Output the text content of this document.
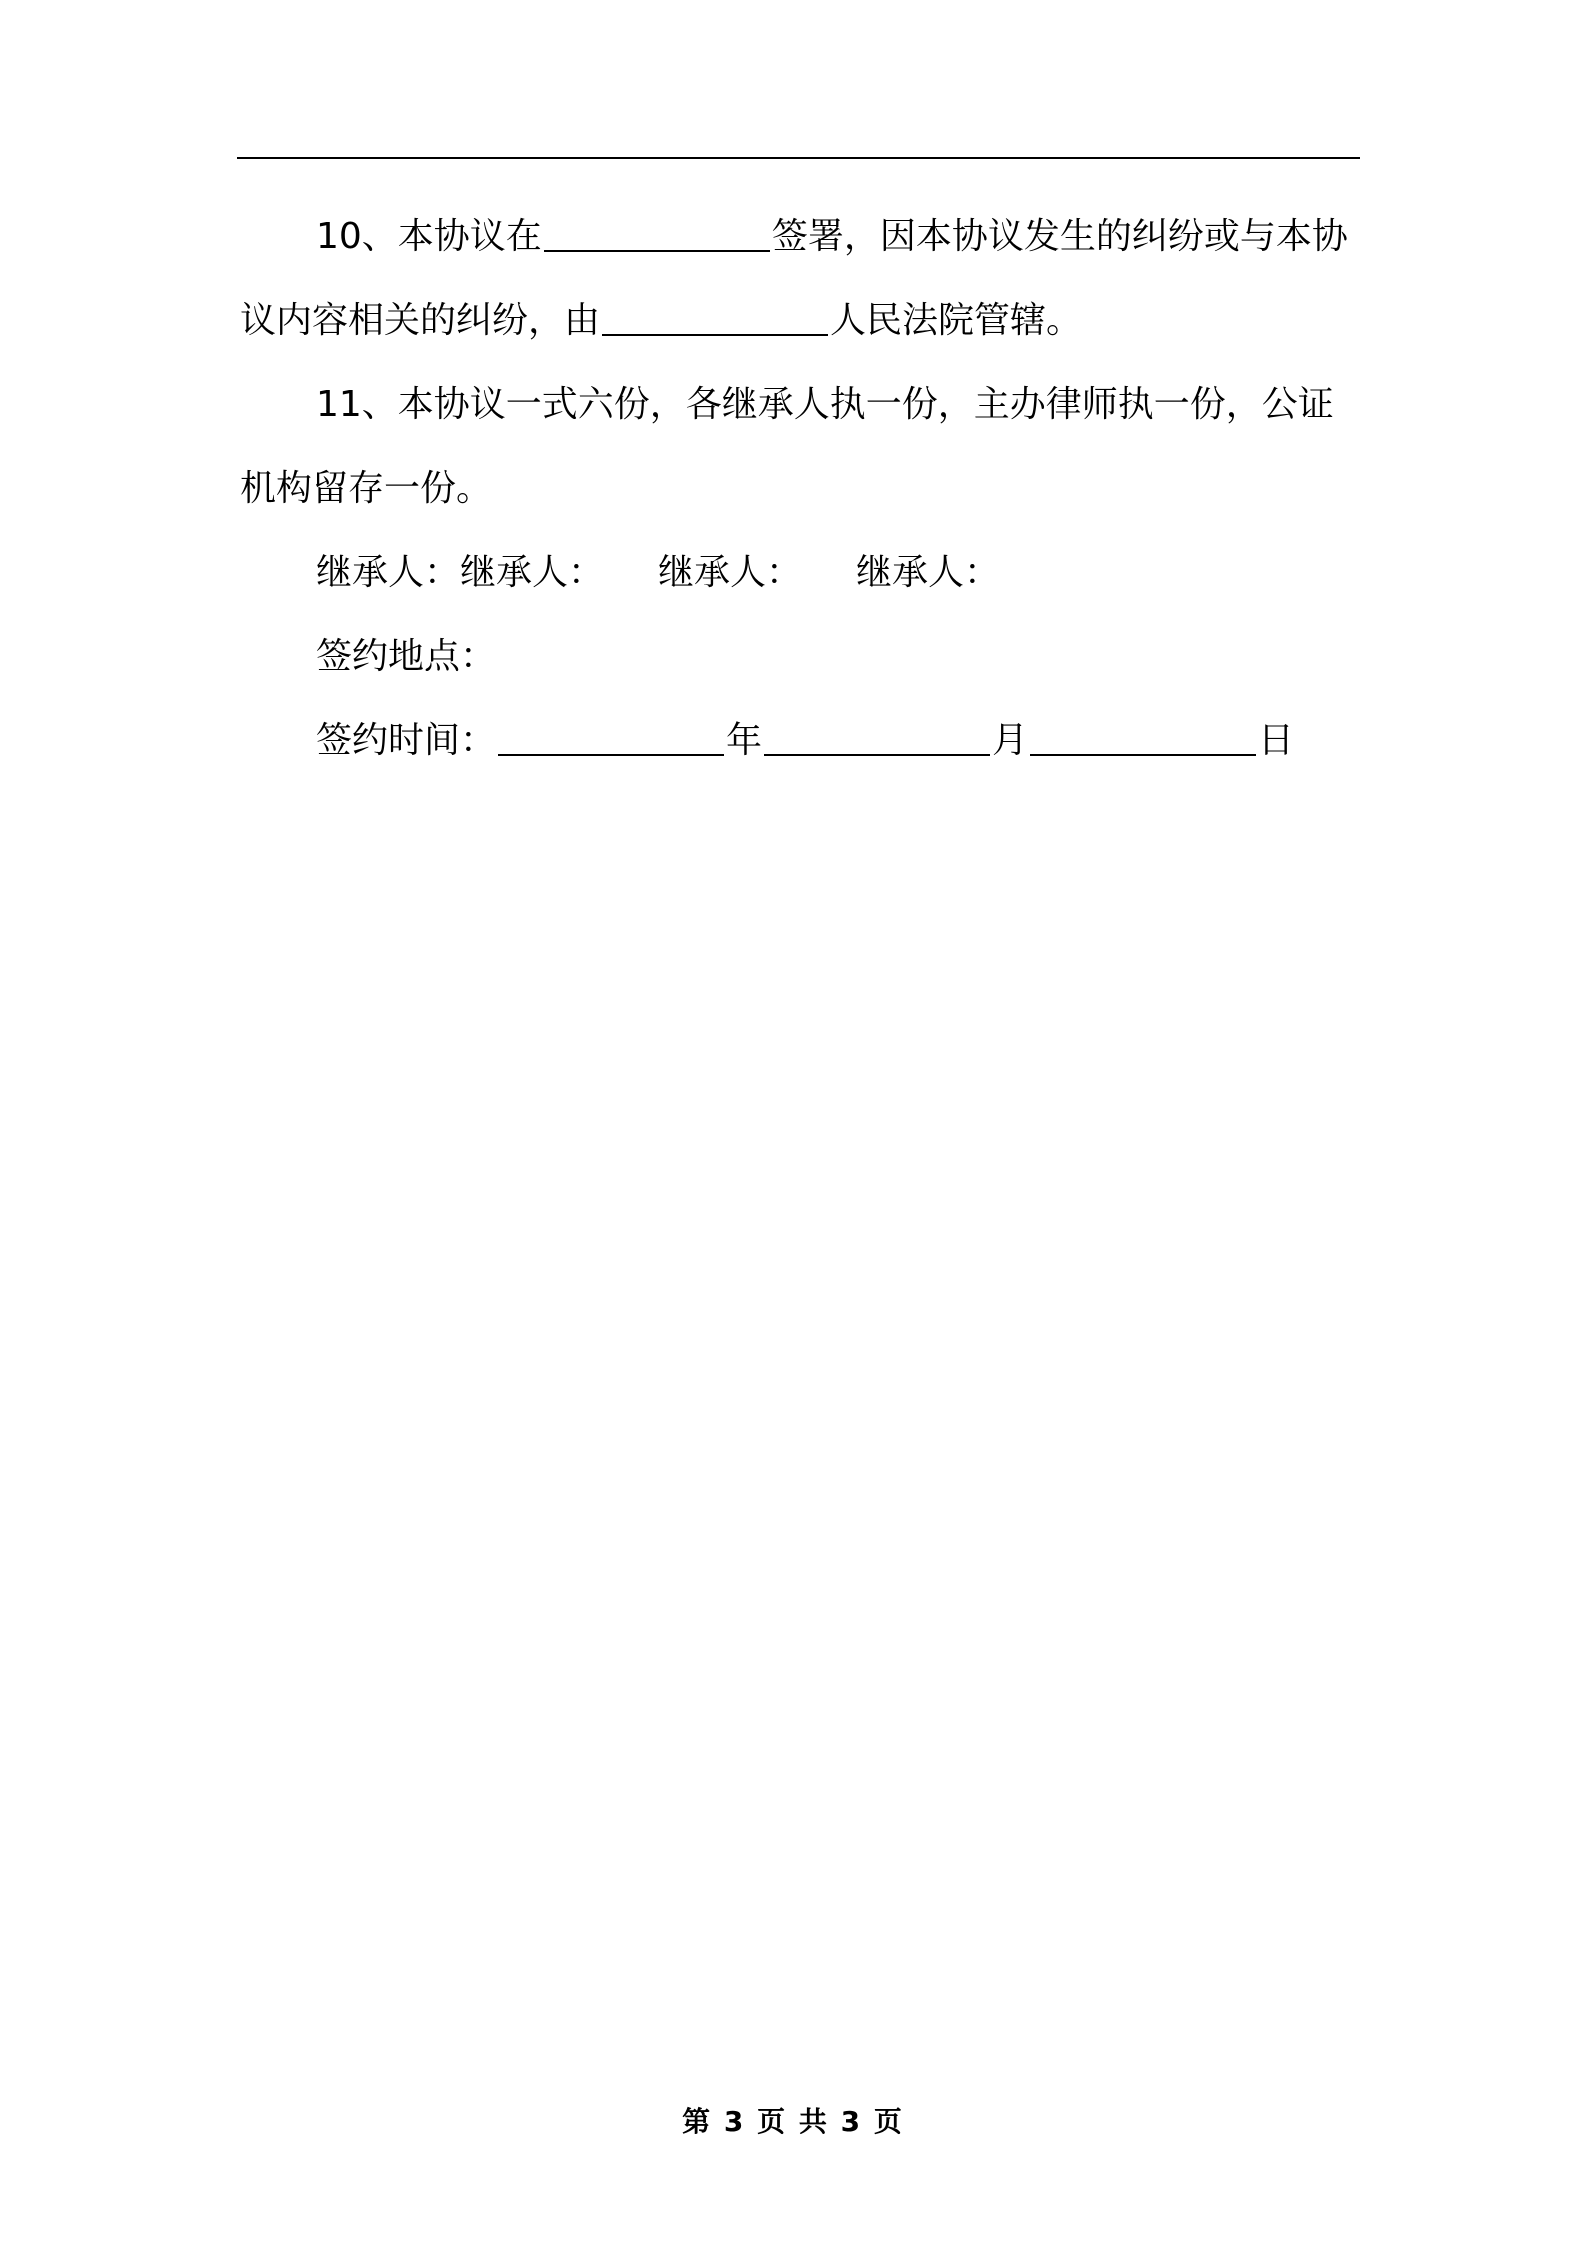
10、本协议在	签署，因本协议发生的纠纷或与本协
议内容相关的纠纷，由	人民法院管辖。
11、本协议一式六份，各继承人执一份，主办律师执一份，公证
机构留存一份。
继承人：继承人： 继承人： 继承人：
签约地点：
签约时间：	年	月	日
第 3 页 共 3 页
